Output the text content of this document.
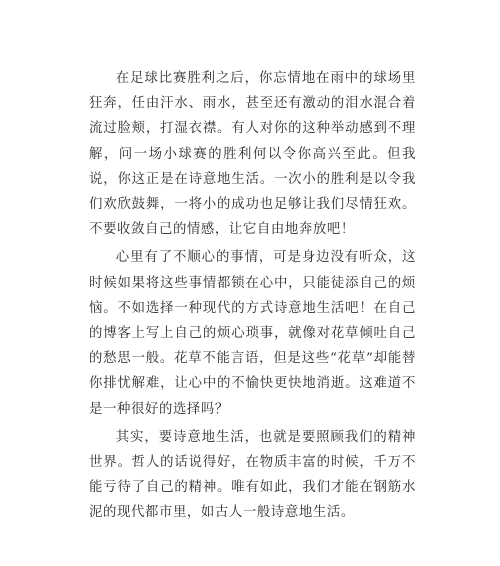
在足球比赛胜利之后，你忘情地在雨中的球场里狂奔，任由汗水、雨水，甚至还有激动的泪水混合着流过脸颊，打湿衣襟。有人对你的这种举动感到不理解，问一场小球赛的胜利何以令你高兴至此。但我说，你这正是在诗意地生活。一次小的胜利是以令我们欢欣鼓舞，一将小的成功也足够让我们尽情狂欢。不要收敛自己的情感，让它自由地奔放吧！

心里有了不顺心的事情，可是身边没有听众，这时候如果将这些事情都锁在心中，只能徒添自己的烦恼。不如选择一种现代的方式诗意地生活吧！在自己的博客上写上自己的烦心琐事，就像对花草倾吐自己的愁思一般。花草不能言语，但是这些“花草”却能替你排忧解难，让心中的不愉快更快地消逝。这难道不是一种很好的选择吗？

其实，要诗意地生活，也就是要照顾我们的精神世界。哲人的话说得好，在物质丰富的时候，千万不能亏待了自己的精神。唯有如此，我们才能在钢筋水泥的现代都市里，如古人一般诗意地生活。
